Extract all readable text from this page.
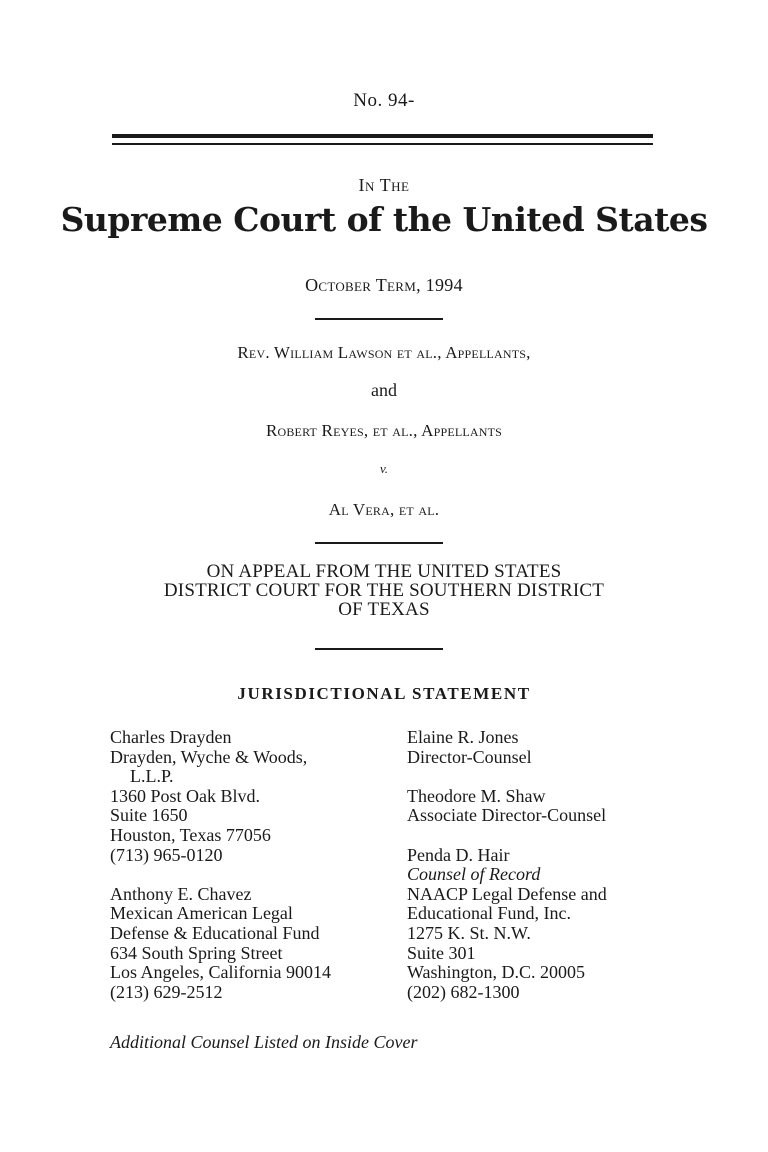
No. 94-
In The
Supreme Court of the United States
October Term, 1994
Rev. William Lawson et al., Appellants,
and
Robert Reyes, et al., Appellants
v.
Al Vera, et al.
ON APPEAL FROM THE UNITED STATES
DISTRICT COURT FOR THE SOUTHERN DISTRICT
OF TEXAS
JURISDICTIONAL STATEMENT
Charles Drayden
Drayden, Wyche & Woods,
L.L.P.
1360 Post Oak Blvd.
Suite 1650
Houston, Texas 77056
(713) 965-0120
Anthony E. Chavez
Mexican American Legal
Defense & Educational Fund
634 South Spring Street
Los Angeles, California 90014
(213) 629-2512
Elaine R. Jones
Director-Counsel
Theodore M. Shaw
Associate Director-Counsel
Penda D. Hair
Counsel of Record
NAACP Legal Defense and
Educational Fund, Inc.
1275 K. St. N.W.
Suite 301
Washington, D.C. 20005
(202) 682-1300
Additional Counsel Listed on Inside Cover
